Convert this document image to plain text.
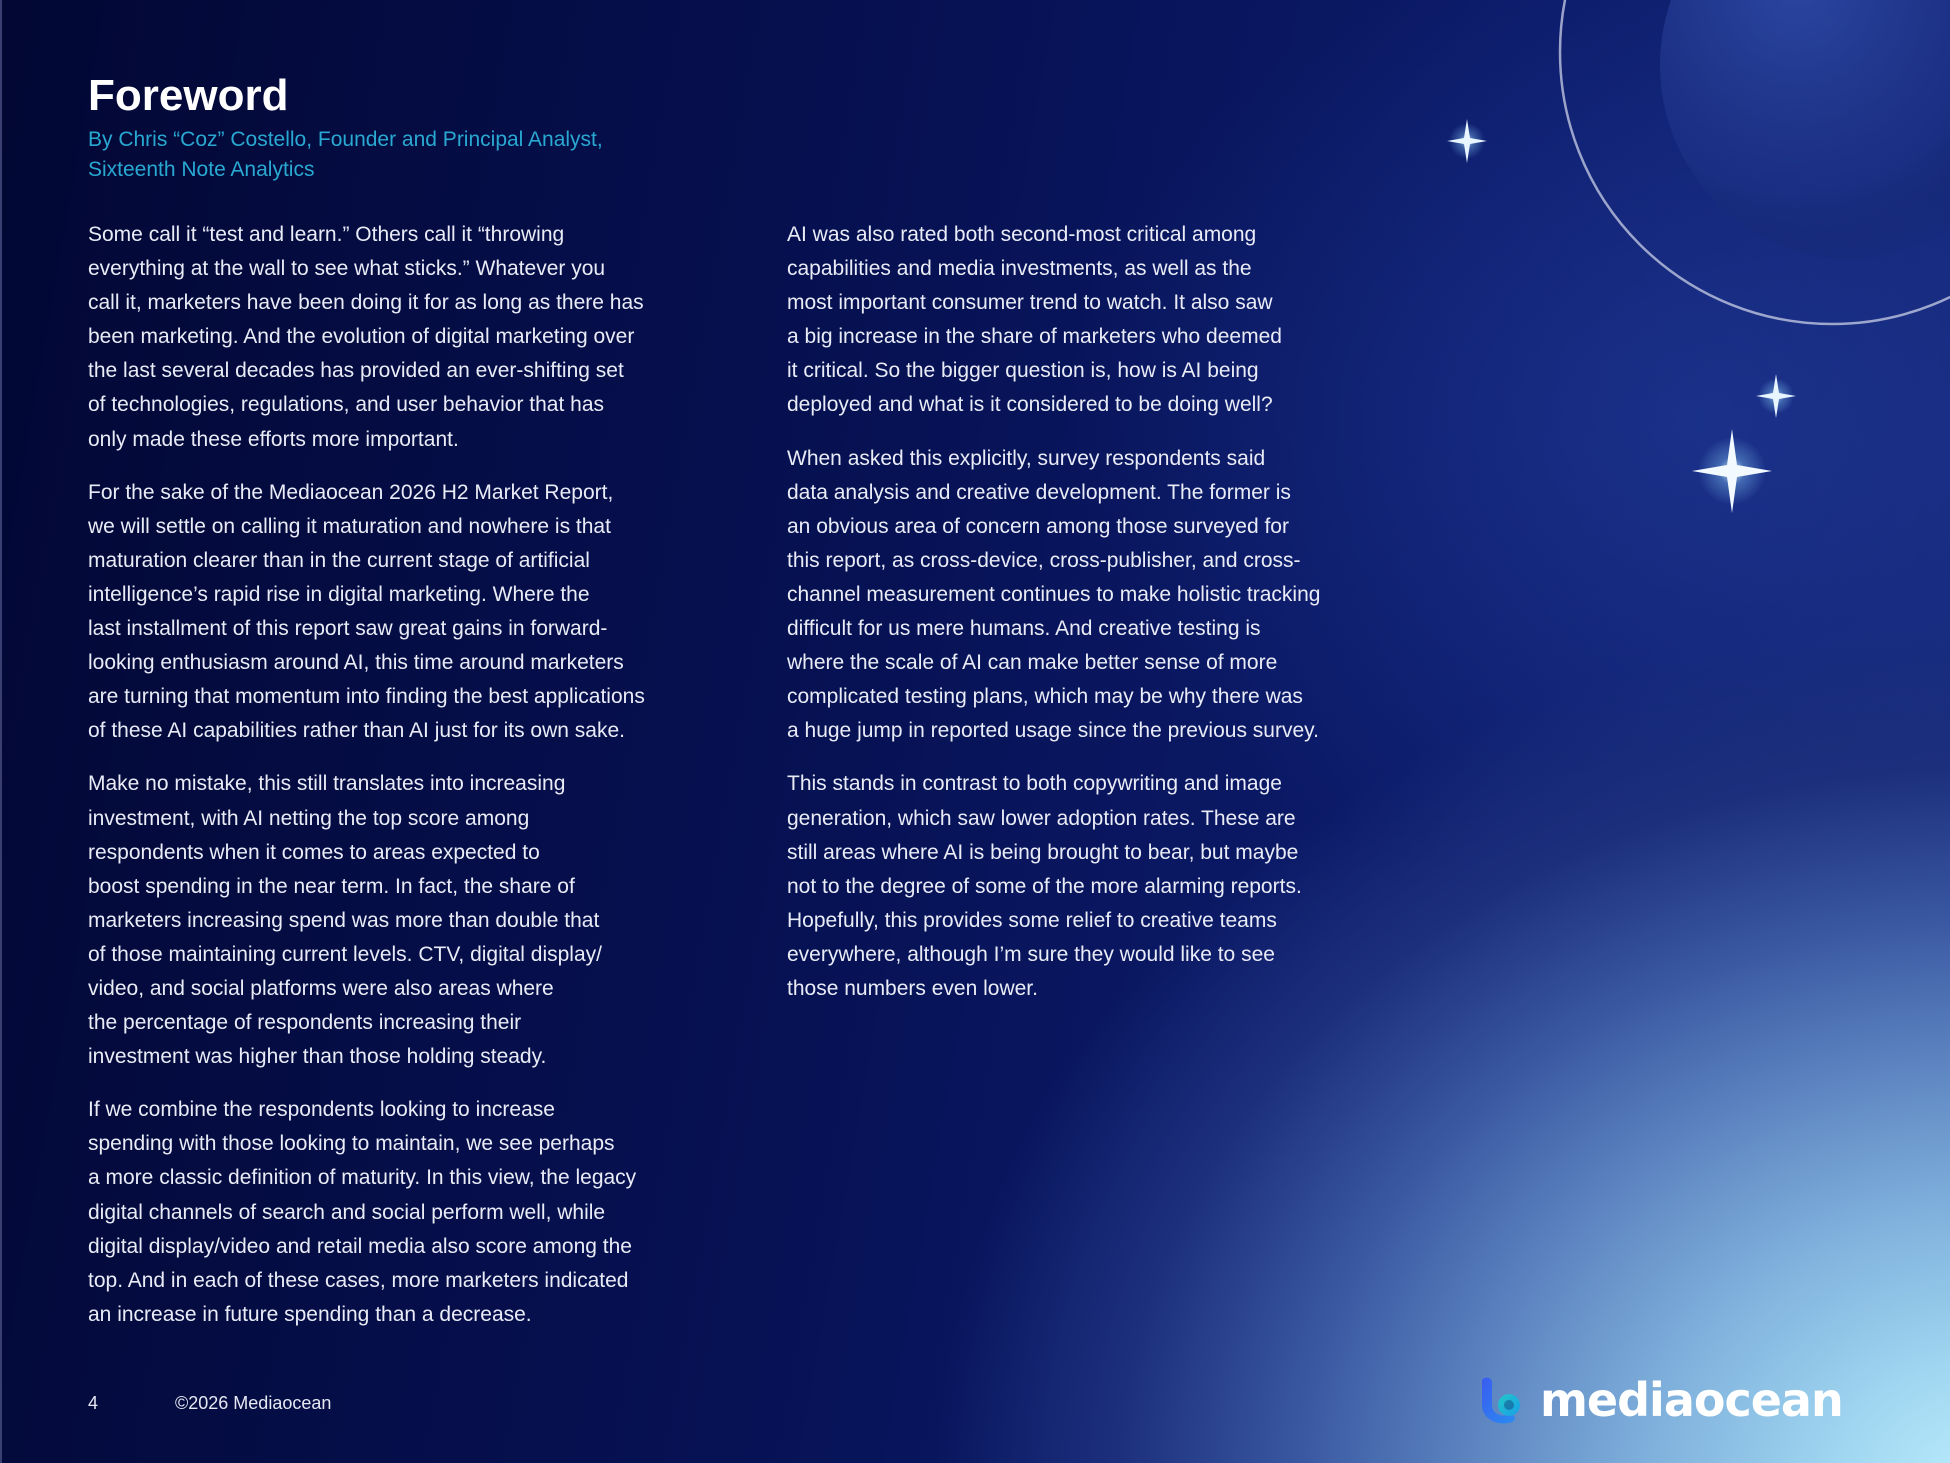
Foreword
By Chris “Coz” Costello, Founder and Principal Analyst,
Sixteenth Note Analytics

Some call it “test and learn.” Others call it “throwing
everything at the wall to see what sticks.” Whatever you
call it, marketers have been doing it for as long as there has
been marketing. And the evolution of digital marketing over
the last several decades has provided an ever-shifting set
of technologies, regulations, and user behavior that has
only made these efforts more important.

For the sake of the Mediaocean 2026 H2 Market Report,
we will settle on calling it maturation and nowhere is that
maturation clearer than in the current stage of artificial
intelligence’s rapid rise in digital marketing. Where the
last installment of this report saw great gains in forward-
looking enthusiasm around AI, this time around marketers
are turning that momentum into finding the best applications
of these AI capabilities rather than AI just for its own sake.

Make no mistake, this still translates into increasing
investment, with AI netting the top score among
respondents when it comes to areas expected to
boost spending in the near term. In fact, the share of
marketers increasing spend was more than double that
of those maintaining current levels. CTV, digital display/
video, and social platforms were also areas where
the percentage of respondents increasing their
investment was higher than those holding steady.

If we combine the respondents looking to increase
spending with those looking to maintain, we see perhaps
a more classic definition of maturity. In this view, the legacy
digital channels of search and social perform well, while
digital display/video and retail media also score among the
top. And in each of these cases, more marketers indicated
an increase in future spending than a decrease.

AI was also rated both second-most critical among
capabilities and media investments, as well as the
most important consumer trend to watch. It also saw
a big increase in the share of marketers who deemed
it critical. So the bigger question is, how is AI being
deployed and what is it considered to be doing well?

When asked this explicitly, survey respondents said
data analysis and creative development. The former is
an obvious area of concern among those surveyed for
this report, as cross-device, cross-publisher, and cross-
channel measurement continues to make holistic tracking
difficult for us mere humans. And creative testing is
where the scale of AI can make better sense of more
complicated testing plans, which may be why there was
a huge jump in reported usage since the previous survey.

This stands in contrast to both copywriting and image
generation, which saw lower adoption rates. These are
still areas where AI is being brought to bear, but maybe
not to the degree of some of the more alarming reports.
Hopefully, this provides some relief to creative teams
everywhere, although I’m sure they would like to see
those numbers even lower.

4	©2026 Mediaocean	mediaocean
